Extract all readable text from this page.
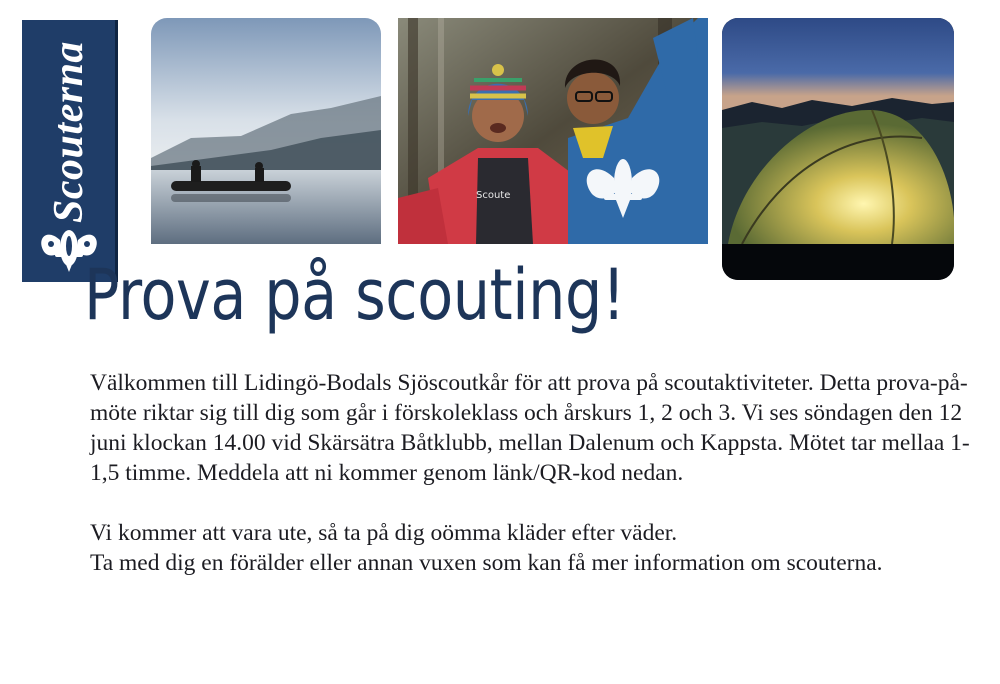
Scouterna	Scoute
Prova på scouting!

Välkommen till Lidingö-Bodals Sjöscoutkår för att prova på scoutaktiviteter. Detta prova-på-möte riktar sig till dig som går i förskoleklass och årskurs 1, 2 och 3. Vi ses söndagen den 12 juni klockan 14.00 vid Skärsätra Båtklubb, mellan Dalenum och Kappsta. Mötet tar mellaa 1- 1,5 timme. Meddela att ni kommer genom länk/QR-kod nedan.

Vi kommer att vara ute, så ta på dig oömma kläder efter väder.

Ta med dig en förälder eller annan vuxen som kan få mer information om scouterna.
